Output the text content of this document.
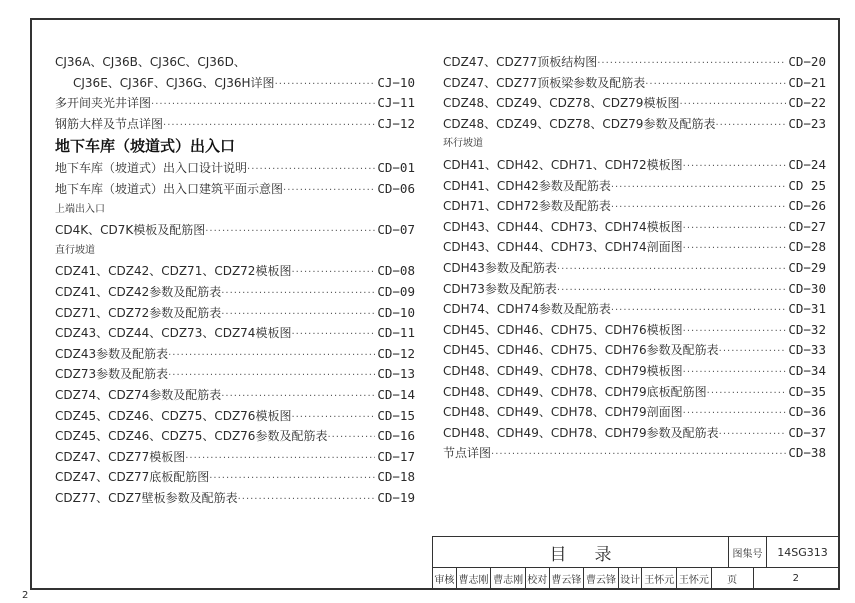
CJ36A、CJ36B、CJ36C、CJ36D、
CJ36E、CJ36F、CJ36G、CJ36H详图 ·····	CJ−10
多开间夹光井详图 ·····	CJ−11
钢筋大样及节点详图 ·····	CJ−12
地下车库（坡道式）出入口
地下车库（坡道式）出入口设计说明 ·····	CD−01
地下车库（坡道式）出入口建筑平面示意图 ·····	CD−06
上端出入口
CD4K、CD7K模板及配筋图 ·····	CD−07
直行坡道
CDZ41、CDZ42、CDZ71、CDZ72模板图 ·····	CD−08
CDZ41、CDZ42参数及配筋表 ·····	CD−09
CDZ71、CDZ72参数及配筋表 ·····	CD−10
CDZ43、CDZ44、CDZ73、CDZ74模板图 ·····	CD−11
CDZ43参数及配筋表 ·····	CD−12
CDZ73参数及配筋表 ·····	CD−13
CDZ74、CDZ74参数及配筋表 ·····	CD−14
CDZ45、CDZ46、CDZ75、CDZ76模板图 ·····	CD−15
CDZ45、CDZ46、CDZ75、CDZ76参数及配筋表 ·····	CD−16
CDZ47、CDZ77模板图 ·····	CD−17
CDZ47、CDZ77底板配筋图 ·····	CD−18
CDZ77、CDZ7壁板参数及配筋表 ·····	CD−19
CDZ47、CDZ77顶板结构图 ·····	CD−20
CDZ47、CDZ77顶板梁参数及配筋表 ·····	CD−21
CDZ48、CDZ49、CDZ78、CDZ79模板图 ·····	CD−22
CDZ48、CDZ49、CDZ78、CDZ79参数及配筋表 ·····	CD−23
环行坡道
CDH41、CDH42、CDH71、CDH72模板图 ·····	CD−24
CDH41、CDH42参数及配筋表 ·····	CD 25
CDH71、CDH72参数及配筋表 ·····	CD−26
CDH43、CDH44、CDH73、CDH74模板图 ·····	CD−27
CDH43、CDH44、CDH73、CDH74剖面图 ·····	CD−28
CDH43参数及配筋表 ·····	CD−29
CDH73参数及配筋表 ·····	CD−30
CDH74、CDH74参数及配筋表 ·····	CD−31
CDH45、CDH46、CDH75、CDH76模板图 ·····	CD−32
CDH45、CDH46、CDH75、CDH76参数及配筋表 ·····	CD−33
CDH48、CDH49、CDH78、CDH79模板图 ·····	CD−34
CDH48、CDH49、CDH78、CDH79底板配筋图 ·····	CD−35
CDH48、CDH49、CDH78、CDH79剖面图 ·····	CD−36
CDH48、CDH49、CDH78、CDH79参数及配筋表 ·····	CD−37
节点详图 ·····	CD−38
目录	图集号	14SG313
审核 曹志刚 曹志刚 校对 曹云锋 曹云锋 设计 王怀元 王怀元	页	2
2
